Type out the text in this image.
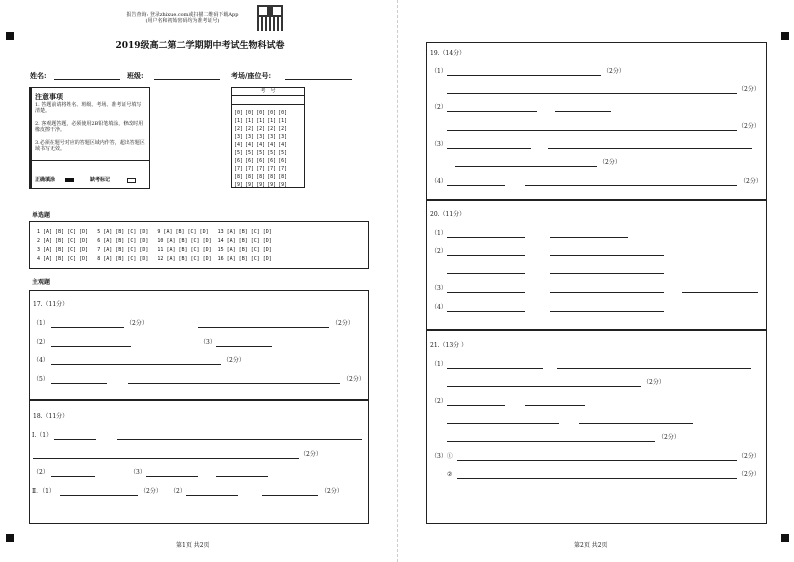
报告查询: 登录zhixue.com或扫描二维码下载App
(用户名和初始密码均为准考证号)
2019级高二第二学期期中考试生物科试卷
姓名:	班级:	考场/座位号:
注意事项
1. 答题前请将姓名、班级、考场、准考证号填写清楚。
2. 客观题答题，必须使用2B铅笔填涂，修改时用橡皮擦干净。
3.必须在题号对应的答题区域内作答，超出答题区域书写无效。
正确填涂	缺考标记
考　号
[0]	[0]	[0]	[0]	[0]
[1]	[1]	[1]	[1]	[1]
[2]	[2]	[2]	[2]	[2]
[3]	[3]	[3]	[3]	[3]
[4]	[4]	[4]	[4]	[4]
[5]	[5]	[5]	[5]	[5]
[6]	[6]	[6]	[6]	[6]
[7]	[7]	[7]	[7]	[7]
[8]	[8]	[8]	[8]	[8]
[9]	[9]	[9]	[9]	[9]
单选题
1 [A] [B] [C] [D]   5 [A] [B] [C] [D]   9 [A] [B] [C] [D]   13 [A] [B] [C] [D]
2 [A] [B] [C] [D]   6 [A] [B] [C] [D]   10 [A] [B] [C] [D]  14 [A] [B] [C] [D]
3 [A] [B] [C] [D]   7 [A] [B] [C] [D]   11 [A] [B] [C] [D]  15 [A] [B] [C] [D]
4 [A] [B] [C] [D]   8 [A] [B] [C] [D]   12 [A] [B] [C] [D]  16 [A] [B] [C] [D]
主观题
17.（11分）
（1）	（2分）	（2分）
（2）	（3）
（4）	（2分）
（5）	（2分）
18.（11分）
Ⅰ.（1）
（2分）
（2）	（3）
Ⅱ．（1）	（2分） （2）	（2分）
第1页 共2页
19.（14分）
（1）	（2分）
（2分）
（2）
（2分）
（3）
（2分）
（4）	（2分）
20.（11分）
（1）
（2）
（3）
（4）
21.（13分 ）
（1）
（2分）
（2）
（2分）
（3）①	（2分）
②	（2分）
第2页 共2页
